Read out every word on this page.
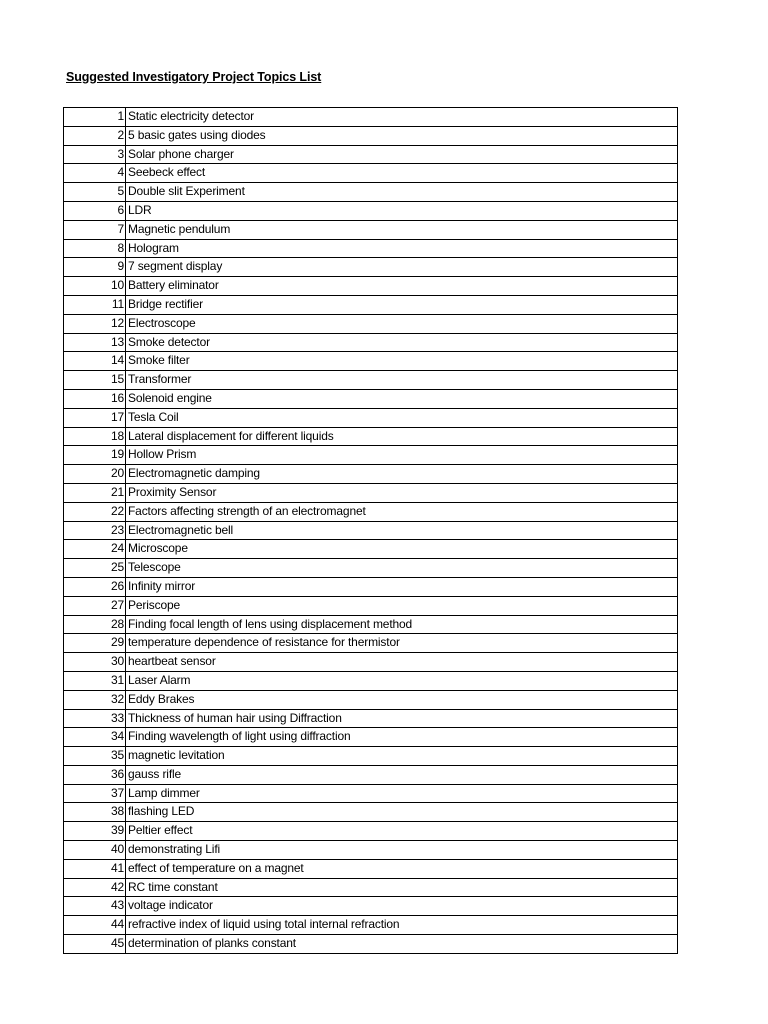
Suggested Investigatory Project Topics List
1	Static electricity detector
2	5 basic gates using diodes
3	Solar phone charger
4	Seebeck effect
5	Double slit Experiment
6	LDR
7	Magnetic pendulum
8	Hologram
9	7 segment display
10	Battery eliminator
11	Bridge rectifier
12	Electroscope
13	Smoke detector
14	Smoke filter
15	Transformer
16	Solenoid engine
17	Tesla Coil
18	Lateral displacement for different liquids
19	Hollow Prism
20	Electromagnetic damping
21	Proximity Sensor
22	Factors affecting strength of an electromagnet
23	Electromagnetic bell
24	Microscope
25	Telescope
26	Infinity mirror
27	Periscope
28	Finding focal length of lens using displacement method
29	temperature dependence of resistance for thermistor
30	heartbeat sensor
31	Laser Alarm
32	Eddy Brakes
33	Thickness of human hair using Diffraction
34	Finding wavelength of light using diffraction
35	magnetic levitation
36	gauss rifle
37	Lamp dimmer
38	flashing LED
39	Peltier effect
40	demonstrating Lifi
41	effect of temperature on a magnet
42	RC time constant
43	voltage indicator
44	refractive index of liquid using total internal refraction
45	determination of planks constant
